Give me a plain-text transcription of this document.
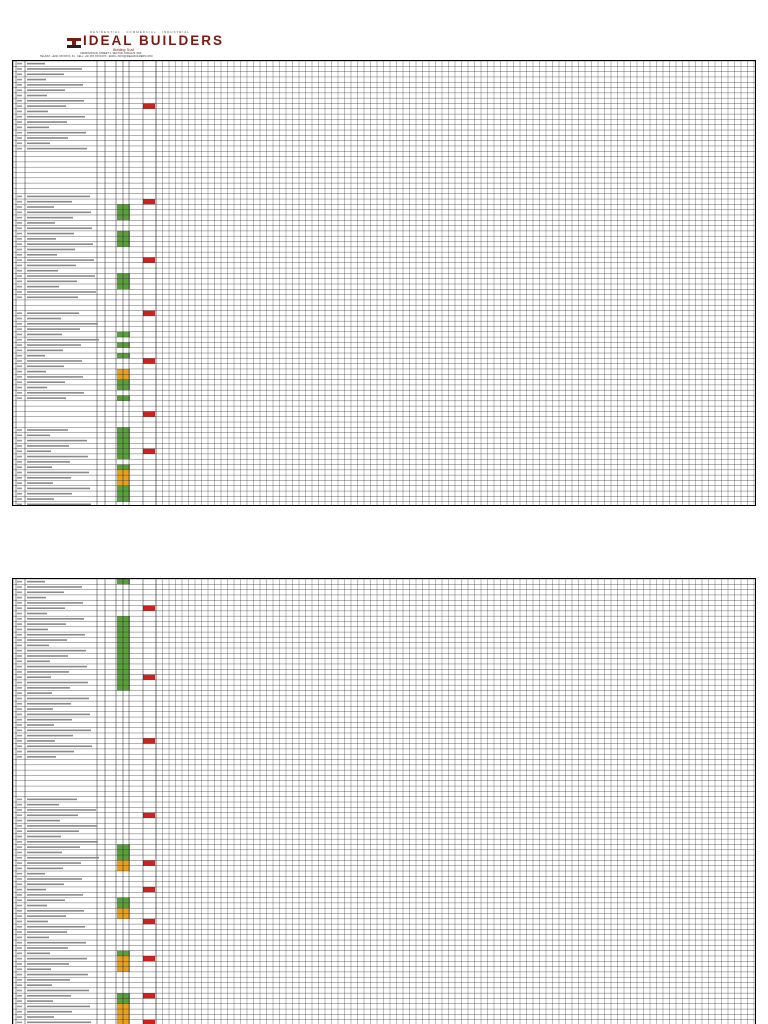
RESIDENTIAL · COMMERCIAL · INDUSTRIAL
IDEAL BUILDERS
Building Trust
CROWN ROAD, STREET 1, SECTOR, KARACHI, PAK
TEL/FAX: +9221 3XXXXXX, 34 · CELL: +92 3XX XXXXXXX · EMAIL: INFO@IDEALBUILDERS.COM
